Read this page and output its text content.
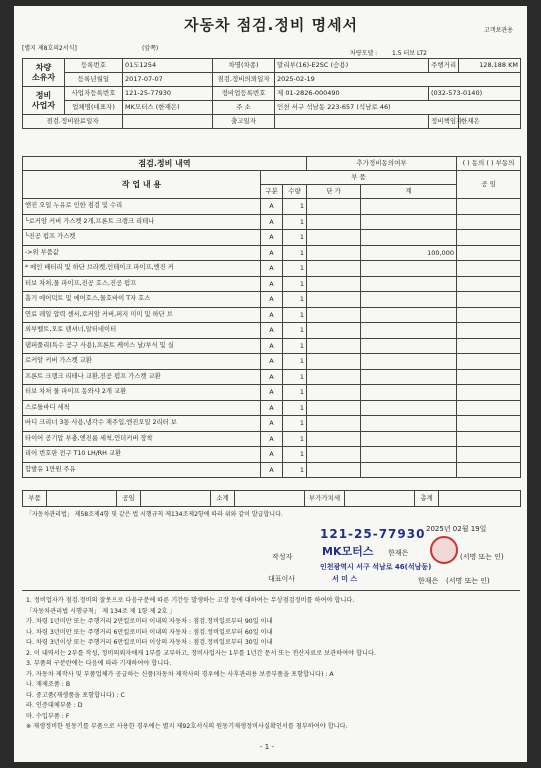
자동차 점검.정비 명세서	고객보관용
[별지 제8호의2서식]	(앞쪽)
차량모델 : 1.5 터보 LT2
차량
소유자	등록번호	01도1254	차명(차종)	말리부(16)-E2SC (승용)	주행거리	128,188 KM
	등록년월일	2017-07-07	점검.정비의뢰일자	2025-02-19		
정비
사업자	사업자등록번호	121-25-77930	정비업등록번호	제 01-2826-000490	(032-573-0140)	
	업체명(대표자)	MK모터스 (한재은)	주 소	인천 서구 석남동 223-657 (석남로 46)		
점검.정비완료일자			출고일자		정비책임자	한재은
점검.정비 내역			추가정비동의여부		( ) 동의 ( ) 부동의
작 업 내 용	부 품				공 임
	구분	수량	단 가	계	
엔진 오일 누유로 인한 점검 및 수리	A	1			
└로커암 커버 가스켓 2개,프론트 크랭크 리테나	A	1			
└진공 펌프 가스켓	A	1			
->위 부품값	A	1		100,000	
* 메인 배터리 및 하단 브라켓,인테이크 파이프,엔진 커	A	1			
터보 차처,물 파이프,진공 호스,진공 펌프	A	1			
흡기 에어덕트 및 에어호스,물호바이 T자 호스	A	1			
연료 레일 압력 센서,로커암 커버,퍼지 미미 및 하단 브	A	1			
외부벨트,오토 텐셔너,알터네이터	A	1			
댐퍼풀리(특수 공구 사용),프론트 케이스 날/부식 및 실	A	1			
로커암 커버 가스켓 교환	A	1			
프론트 크랭크 리테나 교환,진공 펌프 가스켓 교환	A	1			
터보 차처 물 파이프 동와샤 2개 교환	A	1			
스로틀바디 세척	A	1			
바디 크리너 3통 사용,냉각수 재주입,엔진오일 2리터 보	A	1			
타이어 공기압 부충,엔진룸 세척,언더커버 장착	A	1			
리어 번호판 전구 T10 LH/RH 교환	A	1			
합발유 1만원 주유	A	1			
부품		공임		소계		부가가치세		총계	
「자동차관리법」 제58조제4항 및 같은 법 시행규칙 제134조제2항에 따라 위와 같이 발급합니다.
2025년 02월 19일
121-25-77930
작성자	MK모터스 한재은	(서명 또는 인)
인천광역시 서구 석남로 46(석남동)
대표이사	서 미 스	한재은 (서명 또는 인)
1. 정비업자가 점검.정비의 잘못으로 다음구분에 따른 기간등 발생하는 고장 등에 대하여는 무상점검정비를 하여야 합니다.
「자동차관리법 시행규칙」 제 134조 제 1항 제 2호 」
가. 차령 1년미만 또는 주행거리 2만킬로미터 이내의 자동차 : 점검.정비일로부터 90일 이내
나. 차령 3년미만 또는 주행거리 6만킬로미터 이내의 자동차 : 점검.정비일로부터 60일 이내
다. 차령 3년이상 또는 주행거리 6만킬로미터 이상의 자동차 : 점검.정비일로부터 30일 이내
2. 이 내역서는 2부를 작성, 정비의뢰자에게 1부를 교부하고, 정비사업자는 1부를 1년간 문서 또는 전산자료로 보관하여야 합니다.
3. 부품의 구분란에는 다음에 따라 기재하여야 합니다.
가. 자동차 제작사 및 부품업체가 공급하는 신품(자동차 제작사의 경우에는 사후관리용 보증부품을 포함합니다) : A
나. 재제조품 : B
다. 중고품(재생품을 포함합니다) : C
라. 인증대체부품 : D
마. 수입부품 : F
※ 재생정비한 원동기를 부품으로 사용한 경우에는 별지 제92호서식의 원동기재생정비사실확인서를 첨부하여야 합니다.
- 1 -
